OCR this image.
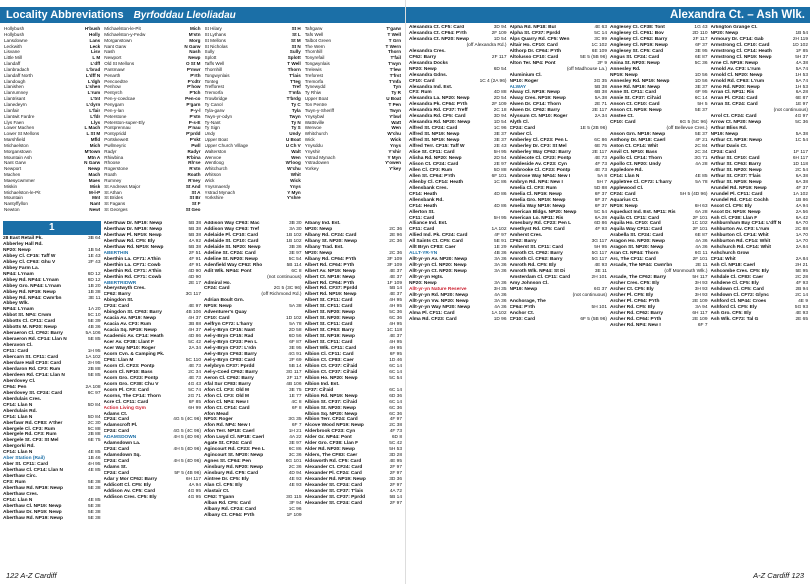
Locality Abbreviations Byrfoddau Lleoliadau
Hollybush	H'bush
Hollybush	Holly
Lansdowne	Lans
Leckwith	Leck
Lisvane	Lisv
Little Mill	L M
Llandaff	L'dff
Llanbradach	L'brad
Llandaff North	L'dff N
Llandough	L'dgh
Llanishen	L'shen
Llanrumney	L'rum
Llantrisant	L'tnt
Llanedeyrn	L'dyrn
Llanfair	L'fair
Llantwit Fardre	L'fdr
Llys Faen	Llys
Lower Machen	L Mach
Lower St Mellons	L St M
Marshfield	Mfld
Michaelston	Mich
Morganstown	M'town
Mountain Ash	Mtn A
Nant Garw	N Garw
Newport	Newp
Machen	Mach
Maesycwmmer	Maes
Miskin	Misk
Michaelston-le-Pit	M-l-P
Mountain	Mnt
Nantyffyllon	Nant
Newton	Newt
Michaelston-le-Pit	Mich
Michaelston-y-Fedw	M'stn
Morganstown	Morg
Nant Garw	N Garw
Nash	Nash
Newport	Newp
Old St Mellons	O St M
Pantmawr	P'mwr
Penarth	P'rth
Pencoedtre	P'cdtr
Penhow	P'how
Pentyrch	P'tch
Pen-y-coedcae	Pen-co
Penygarn	P'garn
Pen-y-lan	P-y-l
Peterstone	P'stn
Peterston-super-Ely	P-s-E
Pontprennau	P'nau
Pontypridd	P'prdd
Portskewett	P'skt
Pwllmeyric	Pwll
Radyr	Radyr
Rhiwbina	R'bina
Rhoose	Rh'se
Rogerstone	R'stn
Roath	Roath
Rumney	R'ney
St Andrews Major	St And
St Athan	St A
St Brides	St Br
St Fagans	St F
St Georges	St Geo
St Hilary	St H
St Lythans	St L
St Mellons	St M
St Nicholas	St N
Sully	Sully
Splott	Splott
Taffs Well	T Well
Thornhill	Thorn
Tongwynlais	T'lais
Tonteg	T'teg
Trefforest	Tref
Tremorfa	T'mfa
Trowbridge	T'brdg
Ty Canol	Ty C
Tyla-garw	Tyla
Twyn-yr-odyn	Twyn
Ty-Nant	Ty N
Ty Sign	Ty S
Undy	Undy
Upper Boat	U Boat
Upper Church Village	U Ch V
Walterston	Walt
Wenvoe	Wen
Wentloog	W'loog
Whitchurch	W'chu
Whitson	Whit
Wick	Wick
Ynysmaerdy	Ynys
Ystrad Mynach	Y Myn
Yorkshire	Y'shre
Tafrgarw	T'garw
Tafs Well	T Well
Talbot Green	T Grn
The Wern	T Wern
Thornhill	Thorn
Tonyrefail	T'fail
Tongwynlais	T'wyn
Trelewis	T'lew
Treforest	T'frst
Tremorfa	T'mfa
Tynewydd	Tyn
Ty Rhiw	Ty R
Upper Boat	U Boat
Ton Pentre	T Pen
Twyn-y-Sheriff	Twyn
Ynysybwl	Y'bwl
Wattsville	Watt
Wenvoe	Wen
Whitchurch	W'chu
Wick	Wick
Ynysddu	Ynys
Ynyshir	Y'shir
Ystrad Mynach	Y Myn
Ystradowen	Y'owen
Yorkey	Y'key
1
28 East Retail Pk.	3B 64
Abberley Hall Rd.
NP20: Newp	1B 54
Abbey Cl. CF15: Taff W	1E 43
Abbey Cl. CF63: Ghu V	2F 43
Abbey Farm La.
NP44: L'rnam	6D 12
Abbey Rd. NP44: L'rnam	6D 12
Abbey Gro. NP44: L'rnam	1B 20
Abbey Rd. NP19: Newp	1B 38
Abbey Rd. NP44: Cwm'bn	3E 11
Abbey Wlk.
NP44: L'rnam	1A 20
Abbot St. NP4: Crwm	5C 10
Abbotts Cl. CF11: Card	5E 39
Abbotts M. NP20: Newp	4B 36
Aberaeron Cl. CF62: Barry	5A 106
Aberaeron Rd. CF14: Llan N	5E 85
Aberavon Cl.
CF11: Card	1H 95
Abercarn St. CF11: Card	1A 102
Aberdare Hall CF10: Card	2H 95
Aberdaron Rd. CF3: Rum	2B 88
Aberdeen Rd. CF14: Llan N	5E 85
Aberdovey Cl.
CF64: Pen	2A 108
Aberdovey St. CF24: Card	6C 97
Aberdulais Cres.
CF14: Llan N	5D 84
Aberdulais Rd.
CF14: Llan N	5D 84
Aberfawr Rd. CF83: A'ther	2C 30
Abergele Cl. CF3: Rum	5C 88
Abergele Rd. CF3: Rum	2B 88
Abergele St. CF3: St Mel	6E 75
Abergorki Rd.
CF14: Llan N	4E 85
Aber Station (Rail)	1B 46
Aber St. CF11: Card	4H 95
Aberthaw Cl. CF14: Llan N	4E 85
Aberthaw Circ.
CF3: Rum	5E 38
Aberthaw Rd. NP19: Newp	5E 38
Aberthaw Cres.
CF14: Llan N	4E 85
Aberthaw Cl. NP19: Newp	5E 38
Aberthaw Dr. NP19: Newp	5E 38
Aberthaw Rd. NP19: Newp	5E 38
Aberthaw Dr. NP19: Newp	5B 38
Aberthaw Dr. NP19: Newp	5B 38
Aberthaw Pl. NP19: Newp	5B 38
Aberthaw Rd. CF5: Ely	4A 92
Aberthaw Rd. NP19: Newp	5B 38
ABERTHIN	2F 51
Aberthin La. CF71: A'thin	4F 91
Aberthin La. CF71: Cowb	4F 91
Aberthin Rd. CF71: A'thin	4D 90
Aberthin Rd. CF71: Cowb	4D 90
ABERTRIDWR	2E 17
Aberystwyth Cres.
CF62: Barry	3G 117
Abingdon St.
CF24: Card	4E 97
Abingdon St. CF63: Barry	4B 106
Acacia Av. NP19: Newp	4H 37
Acacia Av. CF3: Rum	3B 88
Acacia Sq. NP19: Newp	4H 37
Academic Av. CF14: Heath	4D 86
Acer Av. CF38: Llant F	5C 42
Acer Way NP10: Roger	2A 34
Acorn Cvn. & Camping Pk.
CF61: Llan M	5C 110
Acorn Cl. CF23: Pontp	4E 73
Acorn Cl. NP10: Bass	2C 34
Acorn Gro. CF23: Pontp	4E 73
Acorn Gro. CF38: Chu V	4G 43
Acorn Pl. CF3: Card	5C 74
Acorns, The CF14: Thorn	2G 71
Acre Cl. CF11: Card	6F 85
Action Living Gym	6H 99
Adams Ct.
CF24: Card	4G 5 (4C 96)
Adamscroft Pl.
CF24: Card	4G 5 (4C 96)
ADAMSDOWN	4H 5 (4D 96)
Adamsdown La.
CF24: Card	4H 5 (4D 96)
Adamsdown Sq.
CF24: Card	4H 5 (4D 96)
Adams St.
CF24: Card	5F 5 (4B 96)
Adar y Mor CF62: Barry	6H 117
Addicott Cl. CF5: Ely	4A 94
Addison Av. CF5: Card	4G 95
Addison Cres. CF5: Ely	4G 95
Addison Way CF63: Mac	3B 30
Addison Way CF63: Tref	3A 30
Adelaide Pl. CF10: Card	1B 102
Adelaide St. CF10: Card	1B 102
Adelaide St. NP20: Newp	3B 36
Adeline St. CF24: Card	3E 97
Adeline St. NP20: Newp	5C 54
Adenfield Way CF62: Rho	5B 114
Adit Wlk. NP44: Pont	6C 8
(not continuous)
Admiral Ho.
CF24: Card	2G 5 (3C 96)
(off Richmond Rd.)
Adrian Boult Grn.
NP19: Newp	5A 38
Adventurer's Quay
CF10: Card	1D 102
Aelfryn CF72: L'harry	5A 78
Ael-y-Bryn CF15: Nant	2D 58
Ael-y-Bryn CF15: Rad	6D 56
Ael-y-Bryn CF23: Pen L	6F 87
Ael-y-Bryn CF37: L'rdn	3E 95
Ael-y-Bryn CF63: Barry	4G 91
Ael-y-Bryn CF83: Card	2F 69
Aelybryn CF37: Pprdd	5B 14
Ael-y-Coed CF62: Barry	3G 117
Aeron Cl. CF62: Barry	2F 117
Afal Sur CF83: Barry	4B 106
Afon Cl. CF3: Old M	3E 75
Afon Cl. CF3: Old M	1E 77
Afon Cl. NP4: New I	4C 8
Afon Ct. CF14: Card	6F 8
Afon Mead
NP10: Roger	3G 35
Afon Rd. NP4: New I	6F 7
Afon Terr. NP18: Caerl	1H 21
Afon Lwyd Cl. NP18: Caerl	4A 22
Agate St. CF24: Card	3E 97
Agincourt Rd. CF23: Pen L	6C 86
Agincourt St. NP20: Newp	3C 36
Agnes St. CF64: Pen	6G 101
Ainsbury Rd. NP20: Newp	2C 36
Ainsbury Rd. CF5: Card	4D 94
Aintree Dr. CF5: Ely	4E 93
Alan Cl. CF5: Ely	4E 93
Alastair Ct.
CF62: T'gann	3G 115
Alban Rd. CF5: Card	3F 94
Albany Rd. CF24: Card	1C 96
Albany Ct. CF64: P'rth	1F 109
Albany Ind. Est.
NP20: Newp	2C 36
Albany Rd. CF24: Card	2E 96
Albany St. NP20: Newp	2C 36
Albany Trad. Est.
NP20: Newp	2C 36
Albany Rd. CF64: P'rth	3F 109
Albert Rd. CF64: P'rth	3F 109
Albert Av. NP19: Newp	4E 37
Albert Ct. NP19: Newp	4E 37
Albert Rd. CF64: P'rth	1F 109
Albert Rd. CF37: Pprdd	5B 14
Albert Rd. NP19: Newp	4E 37
Albert St. CF11: Card	4H 95
Albert St. CF11: Card	4H 95
Albert St. NP20: Newp	5C 36
Albert St. NP20: Newp	6C 36
Albert St. CF11: Card	4H 95
Albert St. CF63: Barry	1C 118
Albert St. NP19: Newp	4E 37
Albert St. CF11: Card	4H 95
Albert Wlk. CF11: Card	4H 95
Albion Cl. CF11: Card	6F 95
Albion Ct. CF83: Caer	1D 46
Albion Ct. CF37: Cil'aid	6C 14
Albion Ct. CF37: Cil'aid	6C 14
Albion Ho. NP20: Newp	5C 54
Albion Ind. Est.
CF37: Cil'aid	6C 14
Albion Rd. NP19: Newp	6D 36
Albion St. CF37: Cil'aid	6C 14
Albion St. NP20: Newp	6C 36
Albion Sq. NP20: Newp	6C 36
Albion Terr. CF24: Card	4F 97
Alcove Wood NP19: Newp	2C 38
Alderbrook CF23: Cyn	4F 73
Alder Gr. NP44: Pont	6D 8
Alder Gro. CF38: Llan F	5C 42
Alder Rd. NP20: Newp	5H 53
Alders, The CF83: Caer	3D 28
Aldsworth Rd. CF5: Card	4E 95
Alexander Ct. CF24: Card	2F 97
Alexander Pl. CF24: Card	2F 97
Alexander Rd. NP19: Newp	3D 36
Alexander St. CF24: Card	2F 97
Alexander St. CF37: T'lais	4A 72
Alexander St. CF37: Pprdd	5B 14
Alexander St. CF24: Card	2F 97
122 A-Z Cardiff
Alexandra Ct. – Ash Wlk.
Alexandra Ct. CF5: Card	3D 94
Alexandra Ct. CF64: P'rth	2F 109
Alexandra Ct. NP20: Newp	1D 54
(off Alexandra Rd.)
Alexandra Cres.
CF62: Barry	2F 117
Alexandra Docks
NP20: Newp	6D 54
Alexandra Gdns.
CF10: Card	1C 4 (2A 96)
Alexandra Ind. Est.
CF3: Rum	4D 88
Alexandra La. NP20: Newp	2D 54
Alexandra Pk. CF64: P'rth	2F 109
Alexandra Rd. CF37: Treff	2C 18
Alexandra Rd. CF5: Card	3D 94
Alexandra Rd. NP20: Newp	1D 54
Alfred St. CF24: Card	1C 96
Alfred St. NP19: Newp	3E 37
Alfred St. NP19: Newp	3E 37
Alfred Terr. CF15: Taff W	2E 43
Alice St. CF11: Card	5H 95
Alisha Rd. NP20: Newp	2D 54
Alison Ct. CF24: Card	2E 97
Allen Cl. CF3: Rum	5D 88
Allen St. CF64: P'rth	6F 101
Allenby Cl. CF14: Heath	1C 86
Allensbank Cres.
CF14: Heath	4D 86
Allensbank Rd.
CF14: Heath	4D 86
Allerton St.
CF11: Card	5H 95
Alliance Ind. Est.
CF11: Card	1A 102
Allied Ind. Pk. CF24: Card	4F 97
All Saints Ct. CF5: Card	5E 91
Allt Bryn CF83: Caer	1E 29
ALLT-YR-YN	4B 36
Allt-yr-yn Av. NP20: Newp	3A 36
Allt-yr-yn Cl. NP20: Newp	3A 36
Allt-yr-yn Ct. NP20: Newp	3A 36
Allt-yr-yn Hgts.
NP20: Newp	3A 36
Allt-yr-yn Nature Reserve	3H 35
Allt-yr-yn Rd. NP20: Newp	4A 36
Allt-yr-yn Vw. NP20: Newp	3A 36
Allt-yr-yn Way NP20: Newp	4A 36
Alma Pl. CF11: Card	1A 102
Alma Rd. CF23: Card	1D 96
Alpha Rd. NP18: Bul	4E 63
Alpha St. CF37: Pprdd	5C 14
Alps Quarry Rd. CF5: Wen	3C 99
Altair Ho. CF10: Card	1C 102
Althorp Dr. CF64: P'rth	6E 109
Altolusso CF10: Card	5E 5 (5B 96)
Alton Ter. NP4: Pont	2F 9
(off Madhouse La.)
Aluminium Cl.
NP10: Roger	3G 35
ALWAY	5B 38
Alway Cl. NP19: Newp	6B 38
Alway Cres. NP19: Newp	5A 38
Alwen Dr. CF14: Thorn	2E 71
Alwen Dr. CF62: Barry	2E 117
Alyssum Ct. NP10: Roger	2A 34
Alyth Cl.
CF24: Card	1E 5 (2B 96)
Amber Cl.
Amberley Cl. CF23: Pen L	6C 86
Amberley Dr. CF3: St Mel	6E 75
Amberley Way CF62: Barry	2E 117
Amblecote Cl. CF23: Pontp	4E 73
Ambleside Av. CF23: Cyn	4F 73
Ambrooke Cl. CF23: Pontp	4E 73
Ambrose Way NP44: New I	5A 8
Ambryn Rd. NP4: New I	5H 7
Amelia Cl. CF3: Rum	5D 88
Amelia Cl. NP19: Newp	6F 37
Amelia Gro. NP19: Newp	6F 37
Amelia Way NP19: Newp	6F 37
American Bldgs. NP20: Newp	5C 54
American Lo. NP11: Ris	6A 28
Amesbury Rd. CF23: Pen L	6D 86
Amethyst Rd. CF5: Card	4F 93
Amherst Cres.
CF62: Barry	3G 117
Amherst St. CF11: Card	5H 95
Amroth Ct. CF62: Barry	5G 117
Amroth Cl. CF62: Barry	5G 117
Amroth Rd. CF5: Ely	4E 93
Amroth Wlk. NP44: St Di	3E 11
Amsterdam Cl. CF11: Card	2H 101
Amy Johnson Cl.
NP19: Newp	6G 37
(not continuous)
Anchorage, The
CF64: P'rth	5H 101
Anchor Ct.
CF10: Card	6F 5 (5B 96)
Anglesey Cl. CF38: Tont	1G 43
Anglesey Cl. CF61: Bov	2D 110
Anglesey Cl. CF62: Barry	2F 117
Anglesey Cl. NP19: Newp	6F 37
Anglesey St. CF5: Card	3E 95
Angus St. CF24: Card	6E 87
Anina St. NP20: Newp	5C 36
Annesley Rd.
NP19: Newp	1D 56
Annesley Rd. NP19: Newp	1D 56
Anne Rd. NP19: Newp	3E 37
Anne St. CF11: Card	6F 95
Annie St. CF37: Cil'aid	6C 14
Anson Ct. CF10: Card	5H 5
Anson Ct. NP19: Newp	5E 37
Anstee Ct.
CF10: Card	6G 5 (5C 96)
(off Bellevue Cres.)
Anson Grn. NP19: Newp	5E 37
Anthony Dr. NP18: Caerl	4F 21
Anton Ct. CF14: Whit	2C 84
Anvil Ct. NP10: Bass	2C 34
Apollo Cl. CF14: Thorn	3G 71
Apollo Ct. NP20: Undy	4A 28
Appledore Rd.
CF14: Llan N	4E 85
Appletree Cl. CF72: L'harry	5A 78
Applewood Cl.
CF24: Card	5H 5 (4D 96)
Aquarius Ct.
NP19: Newp	6H 63
Aqueduct Ind. Est. NP11: Ris	6A 28
Aquila Ct. CF11: Card	2F 101
Aquila Ho. CF10: Card	1C 102
Aquila Way CF11: Card	2F 101
Arabella St. CF24: Card	6E 87
Aragon Ho. NP20: Newp	4A 36
Aragon St. NP20: Newp	4A 36
Aran Ct. NP44: Thorn	6G 11
Arc, The CF11: Card	2F 101
Arcade, The NP44: Cwm'bn	2E 11
(off Monmouth Wlk.)
Arcade, The CF62: Barry	5H 117
Archer Cres. CF5: Ely	3H 93
Archer Ct. CF5: Ely	3H 93
Archer Pl. CF5: Ely	3H 93
Archer Pl. CF64: P'rth	2E 109
Archer Rd. CF5: Ely	3A 94
Archer Rd. CF62: Barry	6H 117
Archer Rd. CF64: P'rth	2E 109
Archer Rd. NP4: New I	6F 7
Arlington Grange Cl.
NP20: Newp	1B 54
Armoury Dr. CF14: Gab	2H 119
Armstrong Cl. CF10: Card	1D 102
Armstrong Cl. CF14: Heath	1F 85
Armstrong Cl. NP19: Newp	5H 37
Arne Cl. NP19: Newp	4A 38
Arnold Av. CF3: L'rum	5A 74
Arnold Cl. NP20: Newp	1H 53
Arnold Rd. CF63: L'rum	5A 74
Arno Rd. NP20: Newp	1H 53
Arran Cl. NP11: Ris	6A 28
Arran Pl. CF24: Card	6E 87
Arran St. CF24: Card	1E 97
(not continuous)
Arrol Ct. CF24: Card	4G 97
Arrow Ct. NP20: Newp	5C 36
Arthur Bliss Rd.
NP19: Newp	5A 38
Arthur Ct. NP19: Newp	1C 54
Arthur Davis Ct.
CF24: Card	1F 117
Arthur St. CF10: Card	6H 117
Arthur St. CF63: Barry	1D 118
Arthur St. NP20: Newp	2C 54
Arthur St. CF37: T'lais	6A 38
Arthur St. NP19: Newp	6A 38
Arundel Rd. NP19: Newp	4F 37
Arundel Pl. CF11: Card	1A 102
Arundel Rd. CF14: Cochh	1B 86
Ascot Cl. CF5: Ely	4A 94
Ascot Dr. NP19: Newp	2A 56
Ash Cl. CF38: Llan F	6A 42
Ashburnham Bay CF14: L'dff N	6A 70
Ashburton Av. CF3: L'rum	2C 88
Ashburton Cl. CF14: Whit	1A 70
Ashburton Rd. CF14: Whit	1A 70
Ashchurch Rd. CF14: Whit	2A 84
Ashchurch Grow
CF14: Whit	2A 84
Ash Cl. NP18: Caerl	2H 21
Ashcombe Cres. CF5: Ely	5E 95
Ashdale Cl. CF83: Caer	2C 28
Ashdene Cl. CF5: Ely	4F 93
Ashdown Cl. CF5: Card	2B 94
Ashdown Cl. CF72: Glync	2C 14
Ashford Cl. NP44: Croes	4E 9
Ashford Cl. CF5: Ely	5G 93
Ash Gro. CF5: Ely	4E 93
Ash Wlk. CF72: Tal G	2E 65
A-Z Cardiff 123
